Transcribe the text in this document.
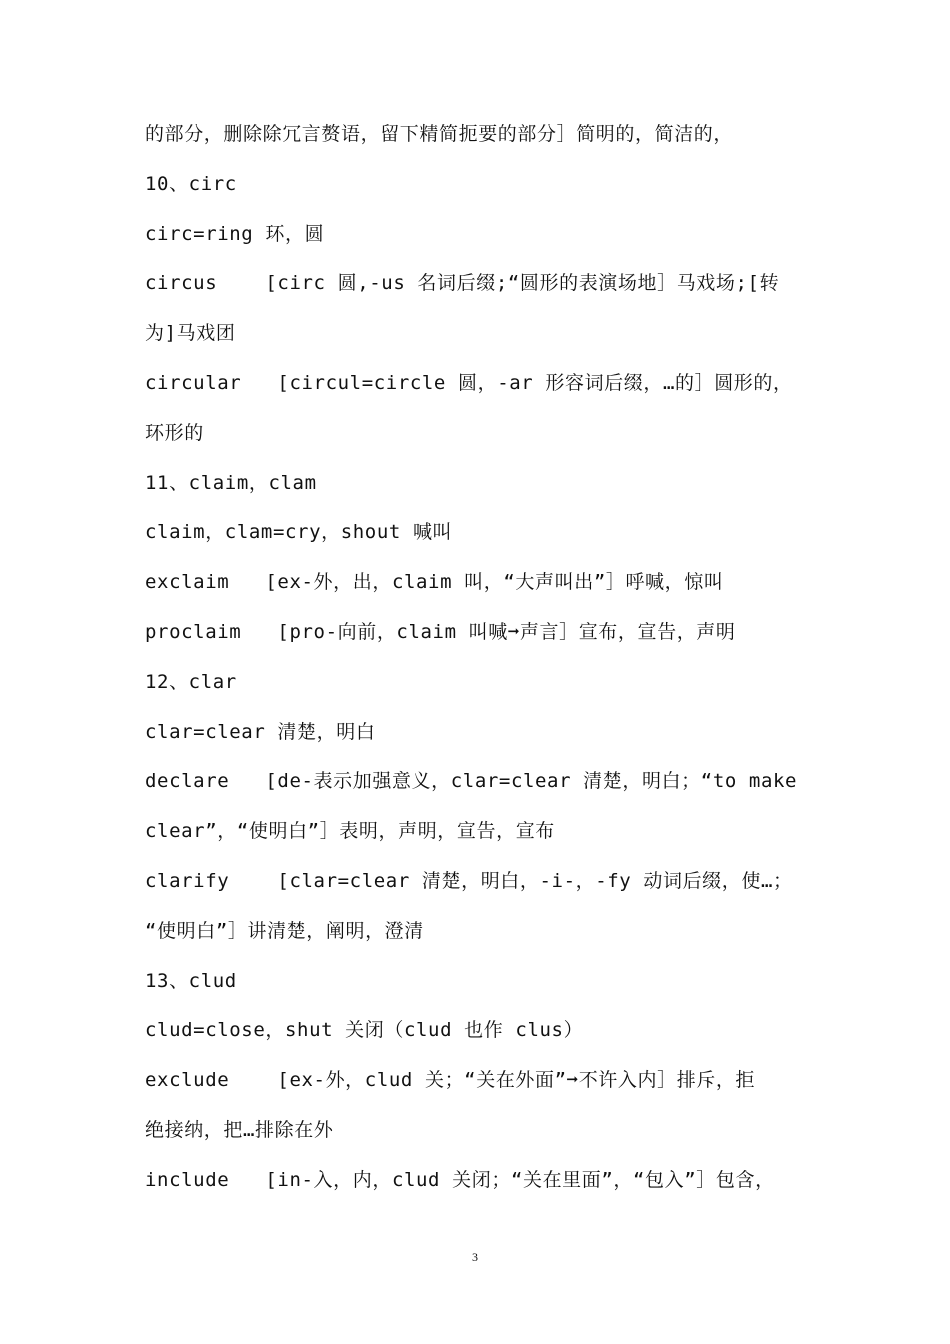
的部分，删除除冗言赘语，留下精简扼要的部分］简明的，简洁的，
10、circ
circ=ring 环，圆
circus    [circ 圆,-us 名词后缀;“圆形的表演场地］马戏场;[转
为]马戏团
circular   [circul=circle 圆，-ar 形容词后缀，…的］圆形的，
环形的
11、claim，clam
claim，clam=cry，shout 喊叫
exclaim   [ex-外，出，claim 叫，“大声叫出”］呼喊，惊叫
proclaim   [pro-向前，claim 叫喊➞声言］宣布，宣告，声明
12、clar
clar=clear 清楚，明白
declare   [de-表示加强意义，clar=clear 清楚，明白；“to make
clear”，“使明白”］表明，声明，宣告，宣布
clarify    [clar=clear 清楚，明白，-i-，-fy 动词后缀，使…；
“使明白”］讲清楚，阐明，澄清
13、clud
clud=close，shut 关闭（clud 也作 clus）
exclude    [ex-外，clud 关；“关在外面”➞不许入内］排斥，拒
绝接纳，把…排除在外
include   [in-入，内，clud 关闭；“关在里面”，“包入”］包含，
3
